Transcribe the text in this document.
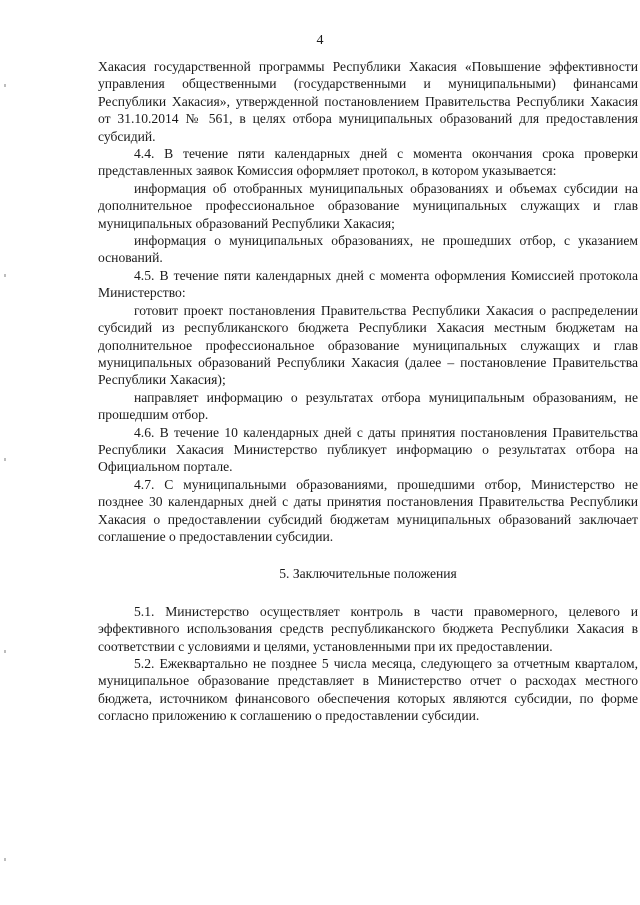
4

Хакасия государственной программы Республики Хакасия «Повышение эффективности управления общественными (государственными и муниципальными) финансами Республики Хакасия», утвержденной постановлением Правительства Республики Хакасия от 31.10.2014 № 561, в целях отбора муниципальных образований для предоставления субсидий.

4.4. В течение пяти календарных дней с момента окончания срока проверки представленных заявок Комиссия оформляет протокол, в котором указывается:

информация об отобранных муниципальных образованиях и объемах субсидии на дополнительное профессиональное образование муниципальных служащих и глав муниципальных образований Республики Хакасия;

информация о муниципальных образованиях, не прошедших отбор, с указанием оснований.

4.5. В течение пяти календарных дней с момента оформления Комиссией протокола Министерство:

готовит проект постановления Правительства Республики Хакасия о распределении субсидий из республиканского бюджета Республики Хакасия местным бюджетам на дополнительное профессиональное образование муниципальных служащих и глав муниципальных образований Республики Хакасия (далее – постановление Правительства Республики Хакасия);

направляет информацию о результатах отбора муниципальным образованиям, не прошедшим отбор.

4.6. В течение 10 календарных дней с даты принятия постановления Правительства Республики Хакасия Министерство публикует информацию о результатах отбора на Официальном портале.

4.7. С муниципальными образованиями, прошедшими отбор, Министерство не позднее 30 календарных дней с даты принятия постановления Правительства Республики Хакасия о предоставлении субсидий бюджетам муниципальных образований заключает соглашение о предоставлении субсидии.

5. Заключительные положения

5.1. Министерство осуществляет контроль в части правомерного, целевого и эффективного использования средств республиканского бюджета Республики Хакасия в соответствии с условиями и целями, установленными при их предоставлении.

5.2. Ежеквартально не позднее 5 числа месяца, следующего за отчетным кварталом, муниципальное образование представляет в Министерство отчет о расходах местного бюджета, источником финансового обеспечения которых являются субсидии, по форме согласно приложению к соглашению о предоставлении субсидии.
